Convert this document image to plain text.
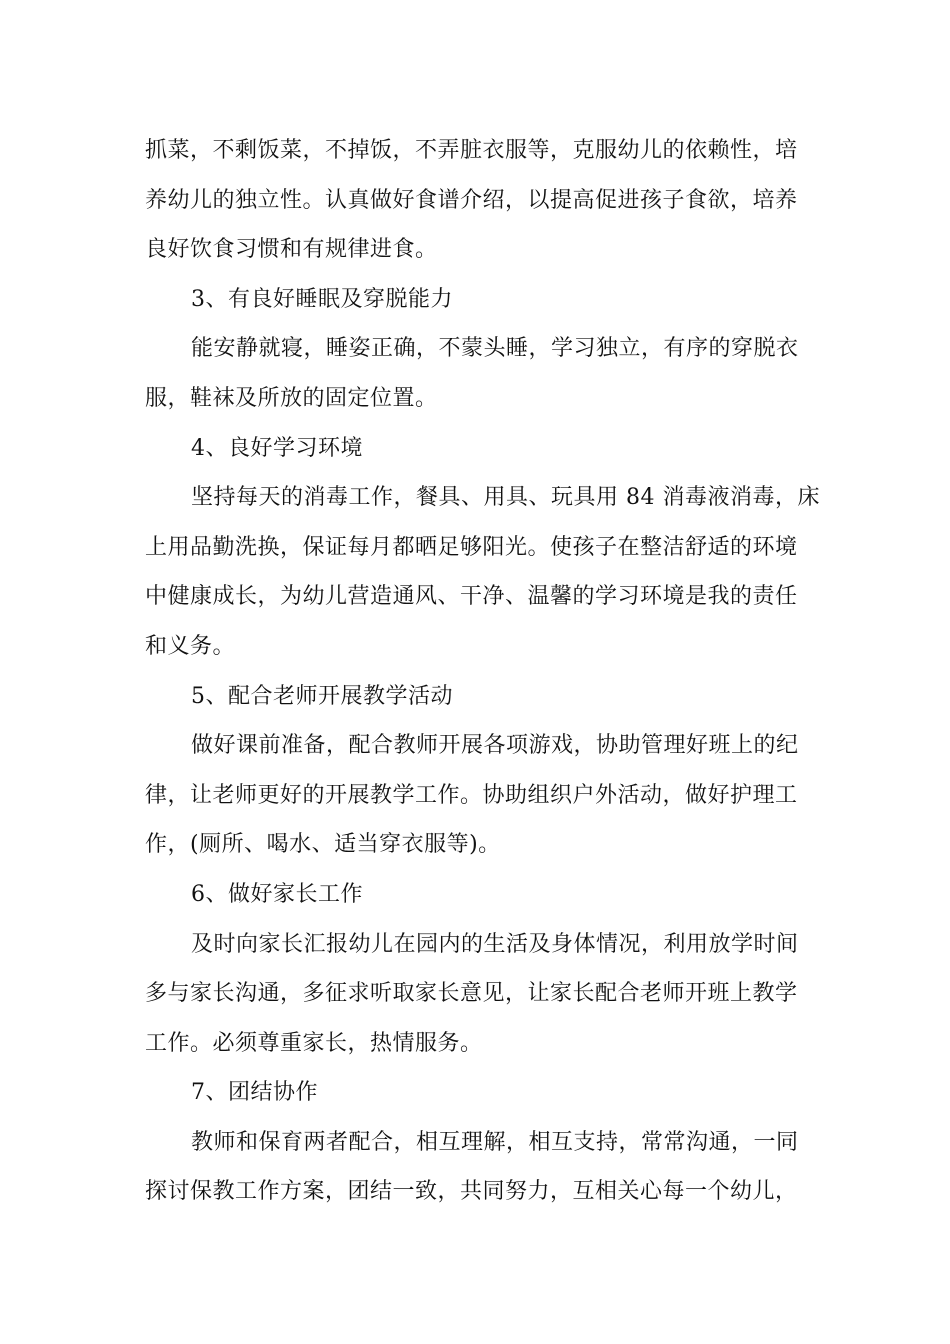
抓菜，不剩饭菜，不掉饭，不弄脏衣服等，克服幼儿的依赖性，培
养幼儿的独立性。认真做好食谱介绍，以提高促进孩子食欲，培养
良好饮食习惯和有规律进食。
3、有良好睡眠及穿脱能力
能安静就寝，睡姿正确，不蒙头睡，学习独立，有序的穿脱衣
服，鞋袜及所放的固定位置。
4、良好学习环境
坚持每天的消毒工作，餐具、用具、玩具用 84 消毒液消毒，床
上用品勤洗换，保证每月都晒足够阳光。使孩子在整洁舒适的环境
中健康成长，为幼儿营造通风、干净、温馨的学习环境是我的责任
和义务。
5、配合老师开展教学活动
做好课前准备，配合教师开展各项游戏，协助管理好班上的纪
律，让老师更好的开展教学工作。协助组织户外活动，做好护理工
作，(厕所、喝水、适当穿衣服等)。
6、做好家长工作
及时向家长汇报幼儿在园内的生活及身体情况，利用放学时间
多与家长沟通，多征求听取家长意见，让家长配合老师开班上教学
工作。必须尊重家长，热情服务。
7、团结协作
教师和保育两者配合，相互理解，相互支持，常常沟通，一同
探讨保教工作方案，团结一致，共同努力，互相关心每一个幼儿，
